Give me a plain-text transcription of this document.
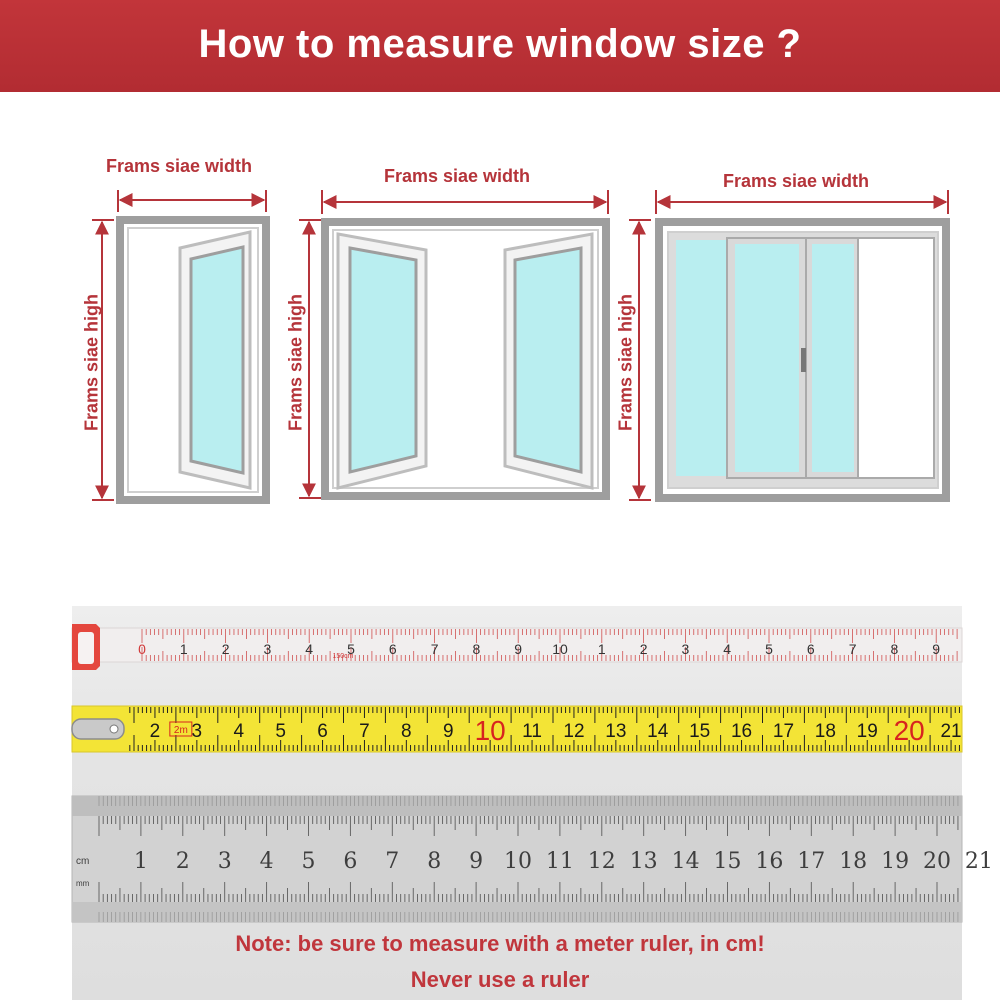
How to measure window size ?
Frams siae width	Frams siae width	Frams siae width
Frams siae high	Frams siae high	Frams siae high
0 1 2 3 4 5 6 7 8 9 10 1 2 3 4 5 6 7 8 9
150cm
2 3 4 5 6 7 8 9 10 11 12 13 14 15 16 17 18 19 20 21
2m
1 2 3 4 5 6 7 8 9 10 11 12 13 14 15 16 17 18 19 20 21
cm
mm
Note: be sure to measure with a meter ruler, in cm!
Never use a ruler
